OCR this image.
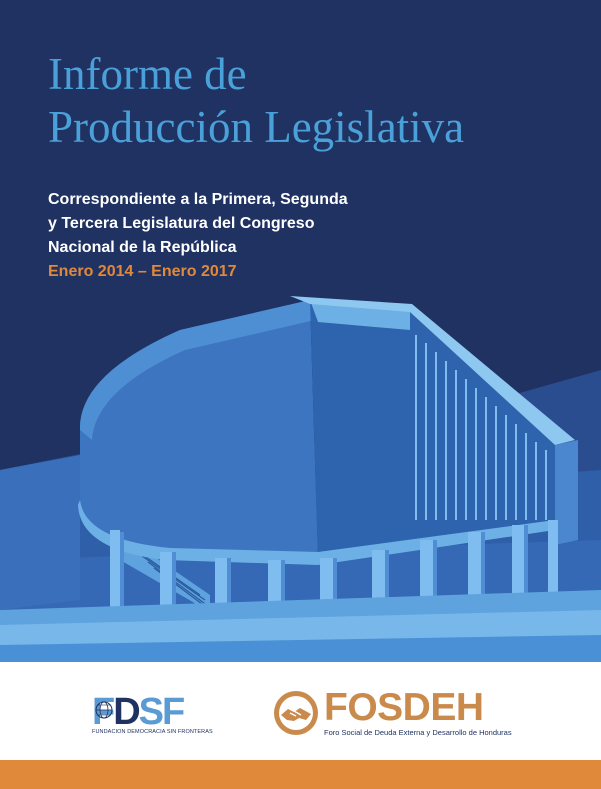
Informe de
Producción Legislativa
Correspondiente a la Primera, Segunda
y Tercera Legislatura del Congreso
Nacional de la República
Enero 2014 – Enero 2017
FDSF
FUNDACION DEMOCRACIA SIN FRONTERAS
FOSDEH
Foro Social de Deuda Externa y Desarrollo de Honduras
